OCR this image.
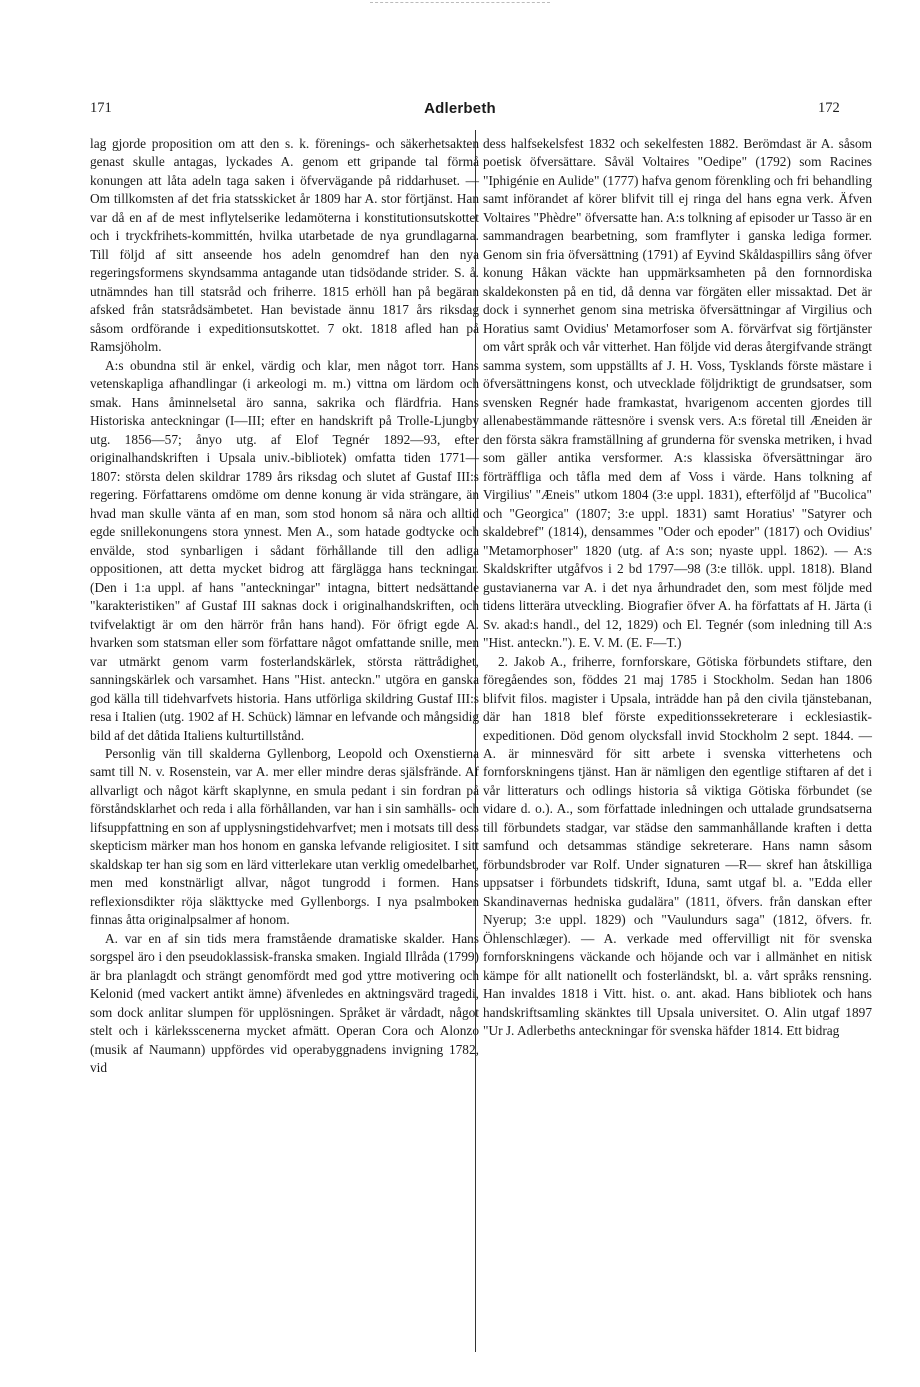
171	Adlerbeth	172

lag gjorde proposition om att den s. k. förenings- och säkerhetsakten genast skulle antagas, lyckades A. genom ett gripande tal förmå konungen att låta adeln taga saken i öfvervägande på riddarhuset. — Om tillkomsten af det fria statsskicket år 1809 har A. stor förtjänst. Han var då en af de mest inflytelserike ledamöterna i konstitutionsutskottet och i tryckfrihets-kommittén, hvilka utarbetade de nya grundlagarna. Till följd af sitt anseende hos adeln genomdref han den nya regeringsformens skyndsamma antagande utan tidsödande strider. S. å. utnämndes han till statsråd och friherre. 1815 erhöll han på begäran afsked från statsrådsämbetet. Han bevistade ännu 1817 års riksdag såsom ordförande i expeditionsutskottet. 7 okt. 1818 afled han på Ramsjöholm.

A:s obundna stil är enkel, värdig och klar, men något torr. Hans vetenskapliga afhandlingar (i arkeologi m. m.) vittna om lärdom och smak. Hans åminnelsetal äro sanna, sakrika och flärdfria. Hans Historiska anteckningar (I—III; efter en handskrift på Trolle-Ljungby utg. 1856—57; ånyo utg. af Elof Tegnér 1892—93, efter originalhandskriften i Upsala univ.-bibliotek) omfatta tiden 1771—1807: största delen skildrar 1789 års riksdag och slutet af Gustaf III:s regering. Författarens omdöme om denne konung är vida strängare, än hvad man skulle vänta af en man, som stod honom så nära och alltid egde snillekonungens stora ynnest. Men A., som hatade godtycke och envälde, stod synbarligen i sådant förhållande till den adliga oppositionen, att detta mycket bidrog att färglägga hans teckningar. (Den i 1:a uppl. af hans "anteckningar" intagna, bittert nedsättande "karakteristiken" af Gustaf III saknas dock i originalhandskriften, och tvifvelaktigt är om den härrör från hans hand). För öfrigt egde A. hvarken som statsman eller som författare något omfattande snille, men var utmärkt genom varm fosterlandskärlek, största rättrådighet, sanningskärlek och varsamhet. Hans "Hist. anteckn." utgöra en ganska god källa till tidehvarfvets historia. Hans utförliga skildring Gustaf III:s resa i Italien (utg. 1902 af H. Schück) lämnar en lefvande och mångsidig bild af det dåtida Italiens kulturtillstånd.

Personlig vän till skalderna Gyllenborg, Leopold och Oxenstierna samt till N. v. Rosenstein, var A. mer eller mindre deras själsfrände. Af allvarligt och något kärft skaplynne, en smula pedant i sin fordran på förståndsklarhet och reda i alla förhållanden, var han i sin samhälls- och lifsuppfattning en son af upplysningstidehvarfvet; men i motsats till dess skepticism märker man hos honom en ganska lefvande religiositet. I sitt skaldskap ter han sig som en lärd vitterlekare utan verklig omedelbarhet, men med konstnärligt allvar, något tungrodd i formen. Hans reflexionsdikter röja släkttycke med Gyllenborgs. I nya psalmboken finnas åtta originalpsalmer af honom.

A. var en af sin tids mera framstående dramatiske skalder. Hans sorgspel äro i den pseudoklassisk-franska smaken. Ingiald Illråda (1799) är bra planlagdt och strängt genomfördt med god yttre motivering och Kelonid (med vackert antikt ämne) äfvenledes en aktningsvärd tragedi, som dock anlitar slumpen för upplösningen. Språket är vårdadt, något stelt och i kärleksscenerna mycket afmätt. Operan Cora och Alonzo (musik af Naumann) uppfördes vid operabyggnadens invigning 1782, vid

dess halfsekelsfest 1832 och sekelfesten 1882. Berömdast är A. såsom poetisk öfversättare. Såväl Voltaires "Oedipe" (1792) som Racines "Iphigénie en Aulide" (1777) hafva genom förenkling och fri behandling samt införandet af körer blifvit till ej ringa del hans egna verk. Äfven Voltaires "Phèdre" öfversatte han. A:s tolkning af episoder ur Tasso är en sammandragen bearbetning, som framflyter i ganska lediga former. Genom sin fria öfversättning (1791) af Eyvind Skåldaspillirs sång öfver konung Håkan väckte han uppmärksamheten på den fornnordiska skaldekonsten på en tid, då denna var förgäten eller missaktad. Det är dock i synnerhet genom sina metriska öfversättningar af Virgilius och Horatius samt Ovidius' Metamorfoser som A. förvärfvat sig förtjänster om vårt språk och vår vitterhet. Han följde vid deras återgifvande strängt samma system, som uppställts af J. H. Voss, Tysklands förste mästare i öfversättningens konst, och utvecklade följdriktigt de grundsatser, som svensken Regnér hade framkastat, hvarigenom accenten gjordes till allenabestämmande rättesnöre i svensk vers. A:s företal till Æneiden är den första säkra framställning af grunderna för svenska metriken, i hvad som gäller antika versformer. A:s klassiska öfversättningar äro förträffliga och tåfla med dem af Voss i värde. Hans tolkning af Virgilius' "Æneis" utkom 1804 (3:e uppl. 1831), efterföljd af "Bucolica" och "Georgica" (1807; 3:e uppl. 1831) samt Horatius' "Satyrer och skaldebref" (1814), densammes "Oder och epoder" (1817) och Ovidius' "Metamorphoser" 1820 (utg. af A:s son; nyaste uppl. 1862). — A:s Skaldskrifter utgåfvos i 2 bd 1797—98 (3:e tillök. uppl. 1818). Bland gustavianerna var A. i det nya århundradet den, som mest följde med tidens litterära utveckling. Biografier öfver A. ha författats af H. Järta (i Sv. akad:s handl., del 12, 1829) och El. Tegnér (som inledning till A:s "Hist. anteckn."). E. V. M. (E. F—T.)

2. Jakob A., friherre, fornforskare, Götiska förbundets stiftare, den föregåendes son, föddes 21 maj 1785 i Stockholm. Sedan han 1806 blifvit filos. magister i Upsala, inträdde han på den civila tjänstebanan, där han 1818 blef förste expeditionssekreterare i ecklesiastik-expeditionen. Död genom olycksfall invid Stockholm 2 sept. 1844. — A. är minnesvärd för sitt arbete i svenska vitterhetens och fornforskningens tjänst. Han är nämligen den egentlige stiftaren af det i vår litteraturs och odlings historia så viktiga Götiska förbundet (se vidare d. o.). A., som författade inledningen och uttalade grundsatserna till förbundets stadgar, var städse den sammanhållande kraften i detta samfund och detsammas ständige sekreterare. Hans namn såsom förbundsbroder var Rolf. Under signaturen —R— skref han åtskilliga uppsatser i förbundets tidskrift, Iduna, samt utgaf bl. a. "Edda eller Skandinavernas hedniska gudalära" (1811, öfvers. från danskan efter Nyerup; 3:e uppl. 1829) och "Vaulundurs saga" (1812, öfvers. fr. Öhlenschlæger). — A. verkade med offervilligt nit för svenska fornforskningens väckande och höjande och var i allmänhet en nitisk kämpe för allt nationellt och fosterländskt, bl. a. vårt språks rensning. Han invaldes 1818 i Vitt. hist. o. ant. akad. Hans bibliotek och hans handskriftsamling skänktes till Upsala universitet. O. Alin utgaf 1897 "Ur J. Adlerbeths anteckningar för svenska häfder 1814. Ett bidrag
